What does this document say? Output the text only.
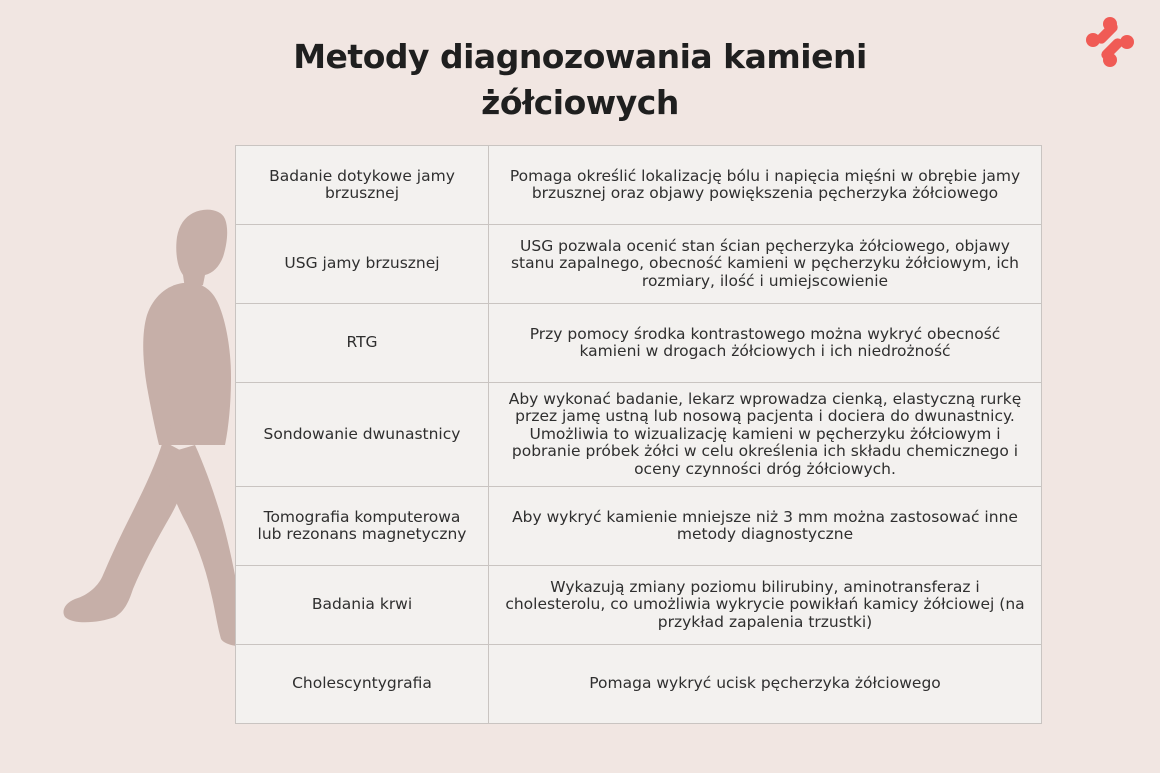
Metody diagnozowania kamieni
żółciowych
Badanie dotykowe jamy brzusznej	Pomaga określić lokalizację bólu i napięcia mięśni w obrębie jamy brzusznej oraz objawy powiększenia pęcherzyka żółciowego
USG jamy brzusznej	USG pozwala ocenić stan ścian pęcherzyka żółciowego, objawy stanu zapalnego, obecność kamieni w pęcherzyku żółciowym, ich rozmiary, ilość i umiejscowienie
RTG	Przy pomocy środka kontrastowego można wykryć obecność kamieni w drogach żółciowych i ich niedrożność
Sondowanie dwunastnicy	Aby wykonać badanie, lekarz wprowadza cienką, elastyczną rurkę przez jamę ustną lub nosową pacjenta i dociera do dwunastnicy. Umożliwia to wizualizację kamieni w pęcherzyku żółciowym i pobranie próbek żółci w celu określenia ich składu chemicznego i oceny czynności dróg żółciowych.
Tomografia komputerowa lub rezonans magnetyczny	Aby wykryć kamienie mniejsze niż 3 mm można zastosować inne metody diagnostyczne
Badania krwi	Wykazują zmiany poziomu bilirubiny, aminotransferaz i cholesterolu, co umożliwia wykrycie powikłań kamicy żółciowej (na przykład zapalenia trzustki)
Cholescyntygrafia	Pomaga wykryć ucisk pęcherzyka żółciowego
